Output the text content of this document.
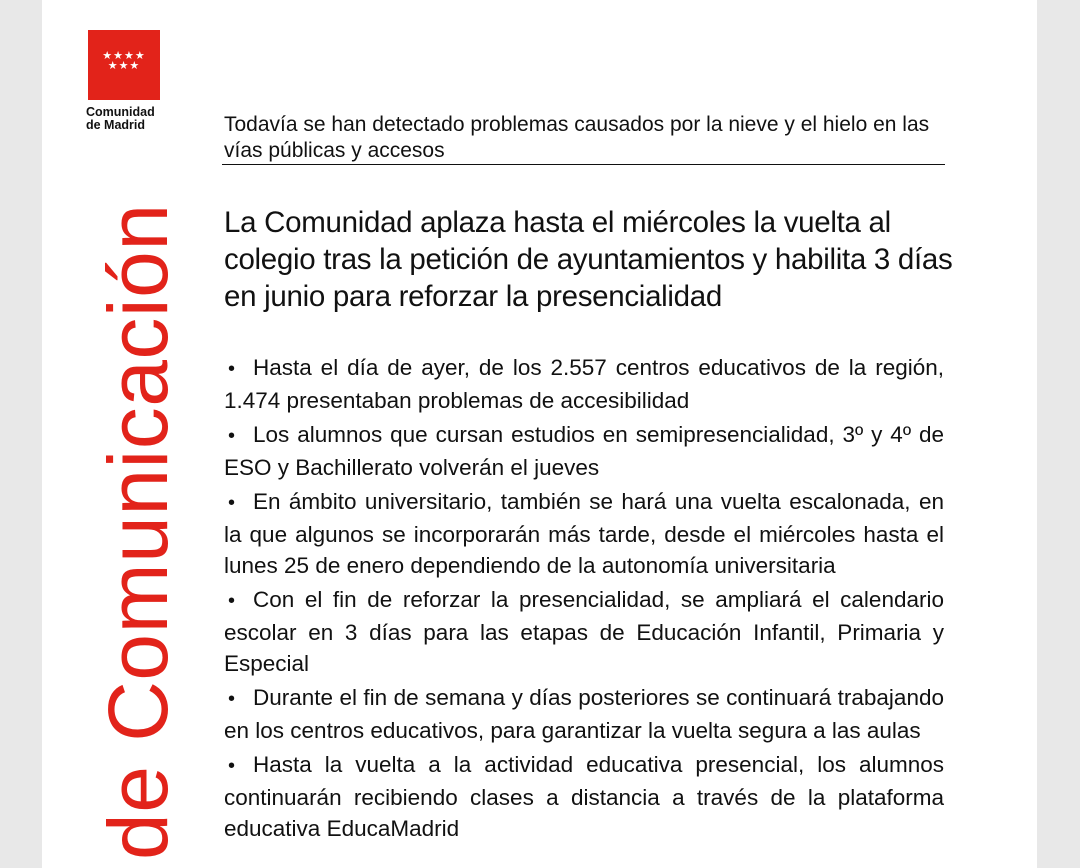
★★★★
★★★
Comunidad
de Madrid
de Comunicación
Todavía se han detectado problemas causados por la nieve y el hielo en las vías públicas y accesos
La Comunidad aplaza hasta el miércoles la vuelta al colegio tras la petición de ayuntamientos y habilita 3 días en junio para reforzar la presencialidad
• Hasta el día de ayer, de los 2.557 centros educativos de la región, 1.474 presentaban problemas de accesibilidad
• Los alumnos que cursan estudios en semipresencialidad, 3º y 4º de ESO y Bachillerato volverán el jueves
• En ámbito universitario, también se hará una vuelta escalonada, en la que algunos se incorporarán más tarde, desde el miércoles hasta el lunes 25 de enero dependiendo de la autonomía universitaria
• Con el fin de reforzar la presencialidad, se ampliará el calendario escolar en 3 días para las etapas de Educación Infantil, Primaria y Especial
• Durante el fin de semana y días posteriores se continuará trabajando en los centros educativos, para garantizar la vuelta segura a las aulas
• Hasta la vuelta a la actividad educativa presencial, los alumnos continuarán recibiendo clases a distancia a través de la plataforma educativa EducaMadrid
